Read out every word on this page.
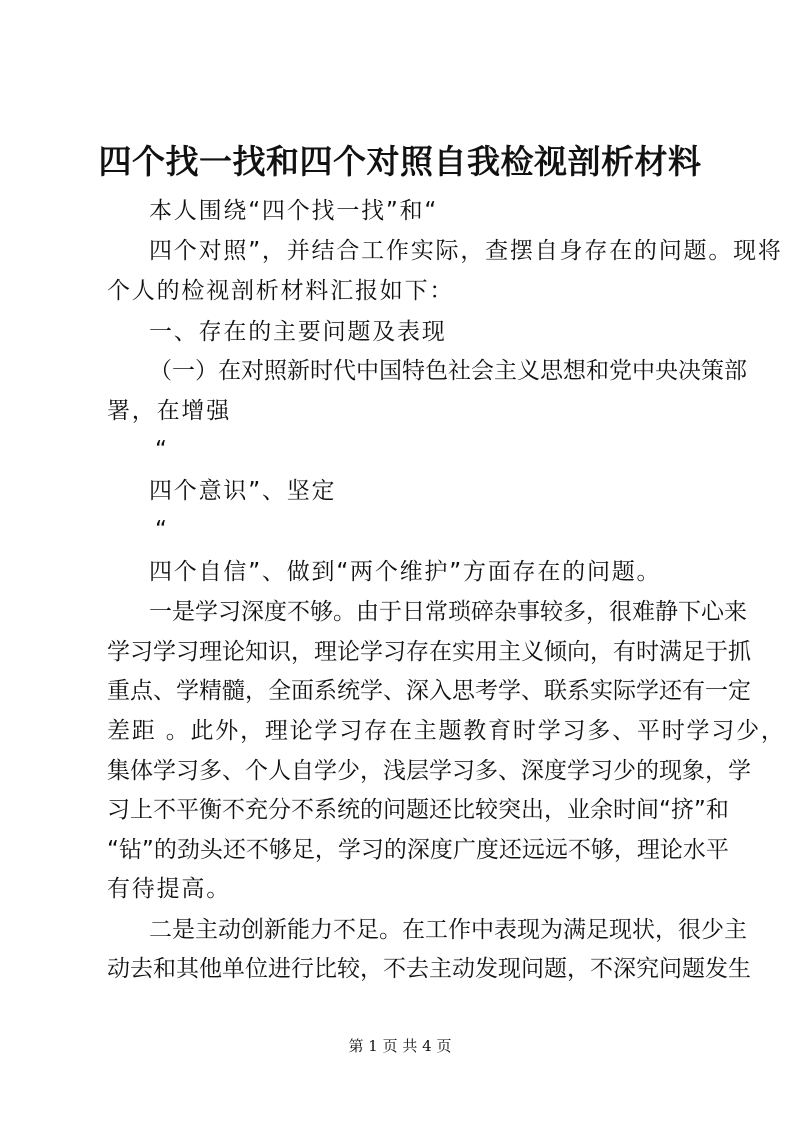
四个找一找和四个对照自我检视剖析材料
本人围绕“四个找一找”和“
四个对照”，并结合工作实际，查摆自身存在的问题。现将
个人的检视剖析材料汇报如下：
一、存在的主要问题及表现
（一）在对照新时代中国特色社会主义思想和党中央决策部
署，在增强
“
四个意识”、坚定
“
四个自信”、做到“两个维护”方面存在的问题。
一是学习深度不够。由于日常琐碎杂事较多，很难静下心来
学习学习理论知识，理论学习存在实用主义倾向，有时满足于抓
重点、学精髓，全面系统学、深入思考学、联系实际学还有一定
差距 。此外，理论学习存在主题教育时学习多、平时学习少，
集体学习多、个人自学少，浅层学习多、深度学习少的现象，学
习上不平衡不充分不系统的问题还比较突出，业余时间“挤”和
“钻”的劲头还不够足，学习的深度广度还远远不够，理论水平
有待提高。
二是主动创新能力不足。在工作中表现为满足现状，很少主
动去和其他单位进行比较，不去主动发现问题，不深究问题发生
第 1 页 共 4 页
